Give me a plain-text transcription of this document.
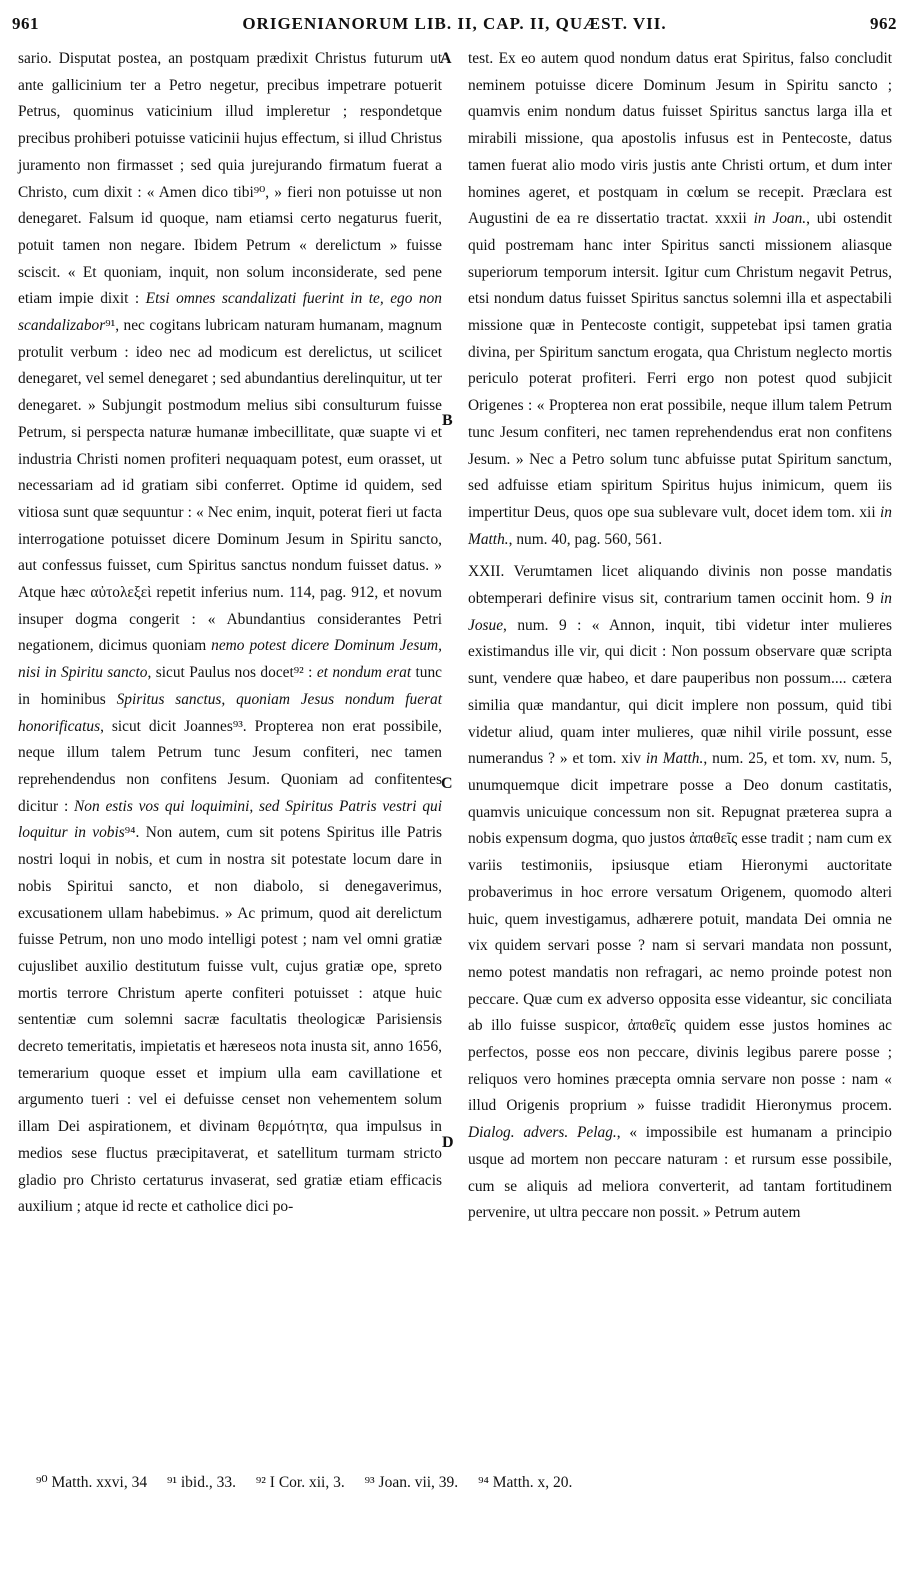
961	ORIGENIANORUM LIB. II, CAP. II, QUÆST. VII.	962
A
B
C
D

sario. Disputat postea, an postquam prædixit Christus futurum ut ante gallicinium ter a Petro negetur, precibus impetrare potuerit Petrus, quominus vaticinium illud impleretur ; respondetque precibus prohiberi potuisse vaticinii hujus effectum, si illud Christus juramento non firmasset ; sed quia jurejurando firmatum fuerat a Christo, cum dixit : « Amen dico tibi⁹⁰, » fieri non potuisse ut non denegaret. Falsum id quoque, nam etiamsi certo negaturus fuerit, potuit tamen non negare. Ibidem Petrum « derelictum » fuisse sciscit. « Et quoniam, inquit, non solum inconsiderate, sed pene etiam impie dixit : Etsi omnes scandalizati fuerint in te, ego non scandalizabor⁹¹, nec cogitans lubricam naturam humanam, magnum protulit verbum : ideo nec ad modicum est derelictus, ut scilicet denegaret, vel semel denegaret ; sed abundantius derelinquitur, ut ter denegaret. » Subjungit postmodum melius sibi consulturum fuisse Petrum, si perspecta naturæ humanæ imbecillitate, quæ suapte vi et industria Christi nomen profiteri nequaquam potest, eum orasset, ut necessariam ad id gratiam sibi conferret. Optime id quidem, sed vitiosa sunt quæ sequuntur : « Nec enim, inquit, poterat fieri ut facta interrogatione potuisset dicere Dominum Jesum in Spiritu sancto, aut confessus fuisset, cum Spiritus sanctus nondum fuisset datus. » Atque hæc αὐτολεξεὶ repetit inferius num. 114, pag. 912, et novum insuper dogma congerit : « Abundantius considerantes Petri negationem, dicimus quoniam nemo potest dicere Dominum Jesum, nisi in Spiritu sancto, sicut Paulus nos docet⁹² : et nondum erat tunc in hominibus Spiritus sanctus, quoniam Jesus nondum fuerat honorificatus, sicut dicit Joannes⁹³. Propterea non erat possibile, neque illum talem Petrum tunc Jesum confiteri, nec tamen reprehendendus non confitens Jesum. Quoniam ad confitentes dicitur : Non estis vos qui loquimini, sed Spiritus Patris vestri qui loquitur in vobis⁹⁴. Non autem, cum sit potens Spiritus ille Patris nostri loqui in nobis, et cum in nostra sit potestate locum dare in nobis Spiritui sancto, et non diabolo, si denegaverimus, excusationem ullam habebimus. » Ac primum, quod ait derelictum fuisse Petrum, non uno modo intelligi potest ; nam vel omni gratiæ cujuslibet auxilio destitutum fuisse vult, cujus gratiæ ope, spreto mortis terrore Christum aperte confiteri potuisset : atque huic sententiæ cum solemni sacræ facultatis theologicæ Parisiensis decreto temeritatis, impietatis et hæreseos nota inusta sit, anno 1656, temerarium quoque esset et impium ulla eam cavillatione et argumento tueri : vel ei defuisse censet non vehementem solum illam Dei aspirationem, et divinam θερμότητα, qua impulsus in medios sese fluctus præcipitaverat, et satellitum turmam stricto gladio pro Christo certaturus invaserat, sed gratiæ etiam efficacis auxilium ; atque id recte et catholice dici po-

test. Ex eo autem quod nondum datus erat Spiritus, falso concludit neminem potuisse dicere Dominum Jesum in Spiritu sancto ; quamvis enim nondum datus fuisset Spiritus sanctus larga illa et mirabili missione, qua apostolis infusus est in Pentecoste, datus tamen fuerat alio modo viris justis ante Christi ortum, et dum inter homines ageret, et postquam in cœlum se recepit. Præclara est Augustini de ea re dissertatio tractat. xxxii in Joan., ubi ostendit quid postremam hanc inter Spiritus sancti missionem aliasque superiorum temporum intersit. Igitur cum Christum negavit Petrus, etsi nondum datus fuisset Spiritus sanctus solemni illa et aspectabili missione quæ in Pentecoste contigit, suppetebat ipsi tamen gratia divina, per Spiritum sanctum erogata, qua Christum neglecto mortis periculo poterat profiteri. Ferri ergo non potest quod subjicit Origenes : « Propterea non erat possibile, neque illum talem Petrum tunc Jesum confiteri, nec tamen reprehendendus erat non confitens Jesum. » Nec a Petro solum tunc abfuisse putat Spiritum sanctum, sed adfuisse etiam spiritum Spiritus hujus inimicum, quem iis impertitur Deus, quos ope sua sublevare vult, docet idem tom. xii in Matth., num. 40, pag. 560, 561.

XXII. Verumtamen licet aliquando divinis non posse mandatis obtemperari definire visus sit, contrarium tamen occinit hom. 9 in Josue, num. 9 : « Annon, inquit, tibi videtur inter mulieres existimandus ille vir, qui dicit : Non possum observare quæ scripta sunt, vendere quæ habeo, et dare pauperibus non possum.... cætera similia quæ mandantur, qui dicit implere non possum, quid tibi videtur aliud, quam inter mulieres, quæ nihil virile possunt, esse numerandus ? » et tom. xiv in Matth., num. 25, et tom. xv, num. 5, unumquemque dicit impetrare posse a Deo donum castitatis, quamvis unicuique concessum non sit. Repugnat præterea supra a nobis expensum dogma, quo justos ἀπαθεῖς esse tradit ; nam cum ex variis testimoniis, ipsiusque etiam Hieronymi auctoritate probaverimus in hoc errore versatum Origenem, quomodo alteri huic, quem investigamus, adhærere potuit, mandata Dei omnia ne vix quidem servari posse ? nam si servari mandata non possunt, nemo potest mandatis non refragari, ac nemo proinde potest non peccare. Quæ cum ex adverso opposita esse videantur, sic conciliata ab illo fuisse suspicor, ἀπαθεῖς quidem esse justos homines ac perfectos, posse eos non peccare, divinis legibus parere posse ; reliquos vero homines præcepta omnia servare non posse : nam « illud Origenis proprium » fuisse tradidit Hieronymus procem. Dialog. advers. Pelag., « impossibile est humanam a principio usque ad mortem non peccare naturam : et rursum esse possibile, cum se aliquis ad meliora converterit, ad tantam fortitudinem pervenire, ut ultra peccare non possit. » Petrum autem

⁹⁰ Matth. xxvi, 34 ⁹¹ ibid., 33. ⁹² I Cor. xii, 3. ⁹³ Joan. vii, 39. ⁹⁴ Matth. x, 20.
